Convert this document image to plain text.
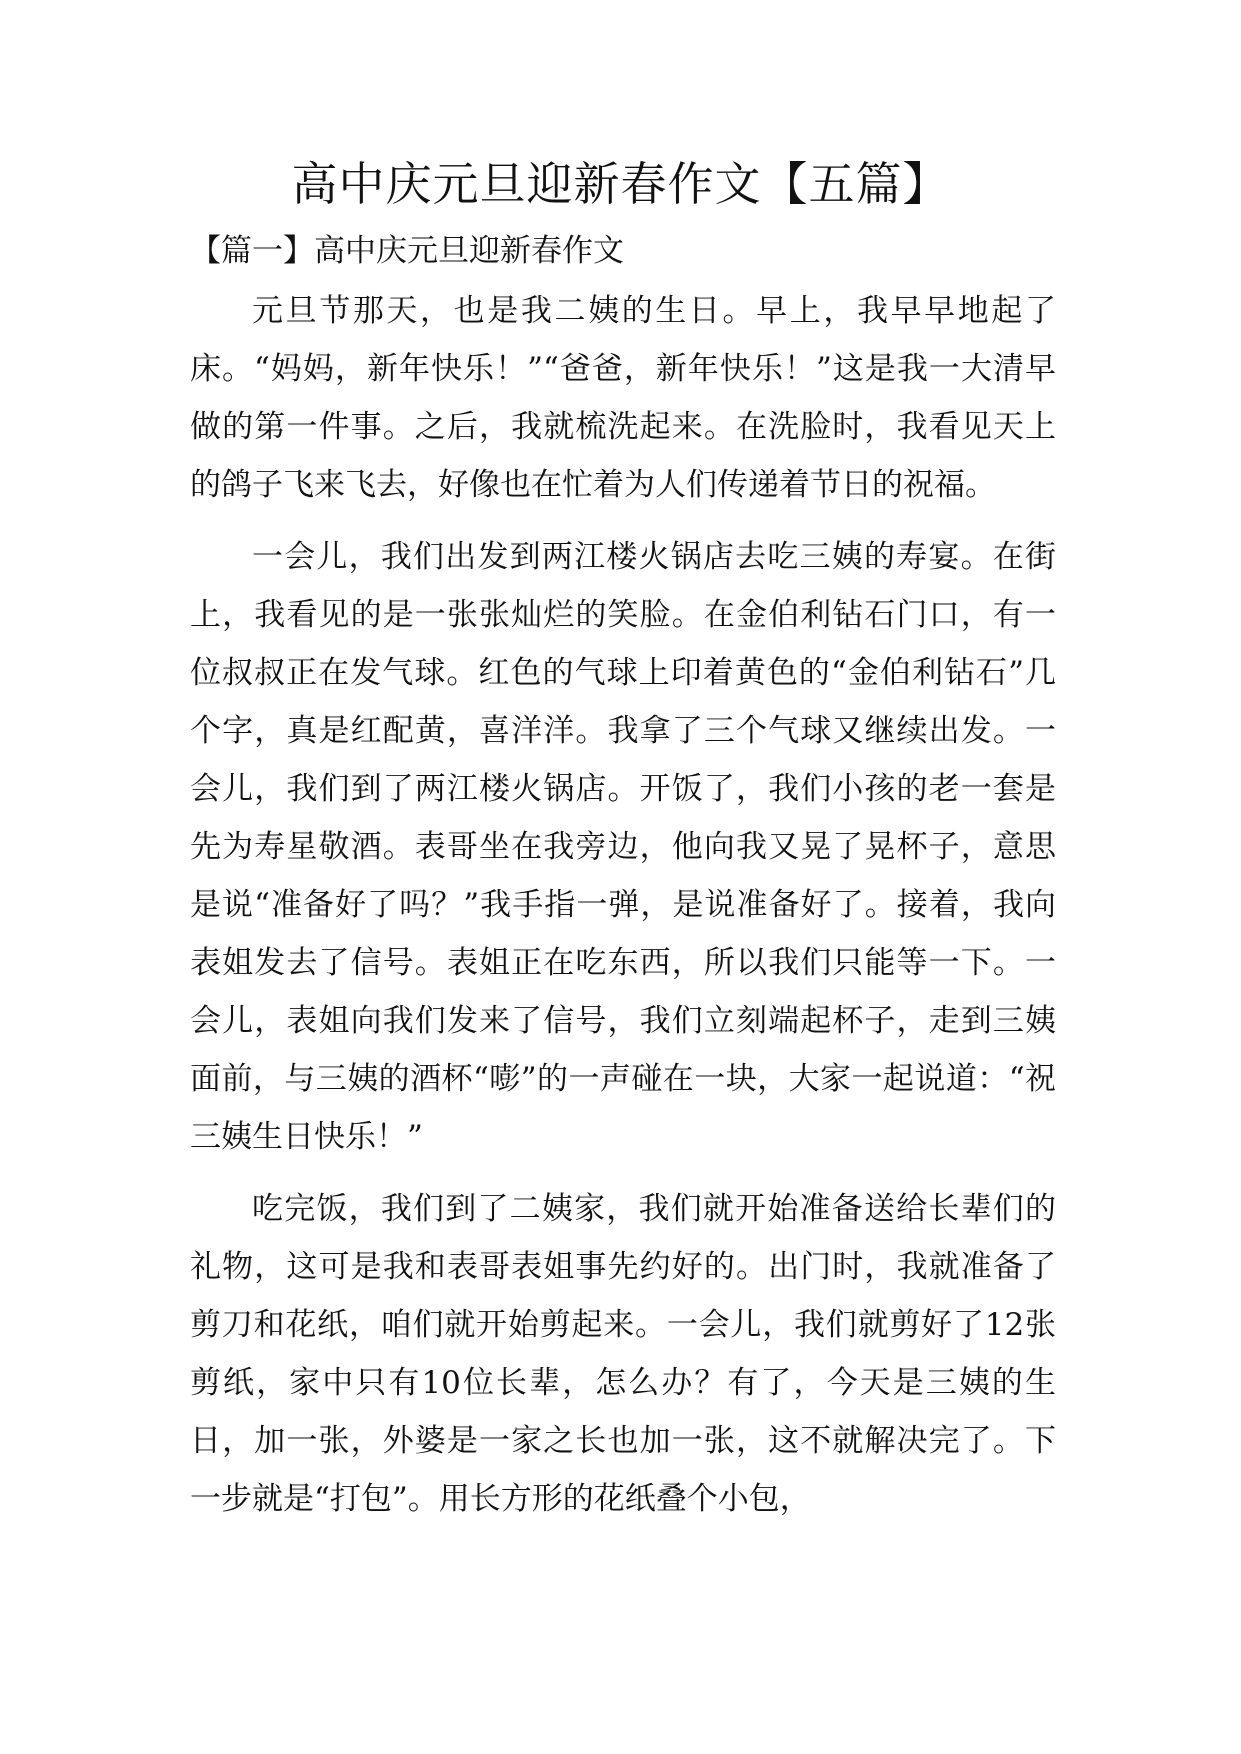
高中庆元旦迎新春作文【五篇】
【篇一】高中庆元旦迎新春作文

元旦节那天，也是我二姨的生日。早上，我早早地起了床。“妈妈，新年快乐！”“爸爸，新年快乐！”这是我一大清早做的第一件事。之后，我就梳洗起来。在洗脸时，我看见天上的鸽子飞来飞去，好像也在忙着为人们传递着节日的祝福。

一会儿，我们出发到两江楼火锅店去吃三姨的寿宴。在街上，我看见的是一张张灿烂的笑脸。在金伯利钻石门口，有一位叔叔正在发气球。红色的气球上印着黄色的“金伯利钻石”几个字，真是红配黄，喜洋洋。我拿了三个气球又继续出发。一会儿，我们到了两江楼火锅店。开饭了，我们小孩的老一套是先为寿星敬酒。表哥坐在我旁边，他向我又晃了晃杯子，意思是说“准备好了吗？”我手指一弹，是说准备好了。接着，我向表姐发去了信号。表姐正在吃东西，所以我们只能等一下。一会儿，表姐向我们发来了信号，我们立刻端起杯子，走到三姨面前，与三姨的酒杯“嘭”的一声碰在一块，大家一起说道：“祝三姨生日快乐！”

吃完饭，我们到了二姨家，我们就开始准备送给长辈们的礼物，这可是我和表哥表姐事先约好的。出门时，我就准备了剪刀和花纸，咱们就开始剪起来。一会儿，我们就剪好了12张剪纸，家中只有10位长辈，怎么办？有了，今天是三姨的生日，加一张，外婆是一家之长也加一张，这不就解决完了。下一步就是“打包”。用长方形的花纸叠个小包，
